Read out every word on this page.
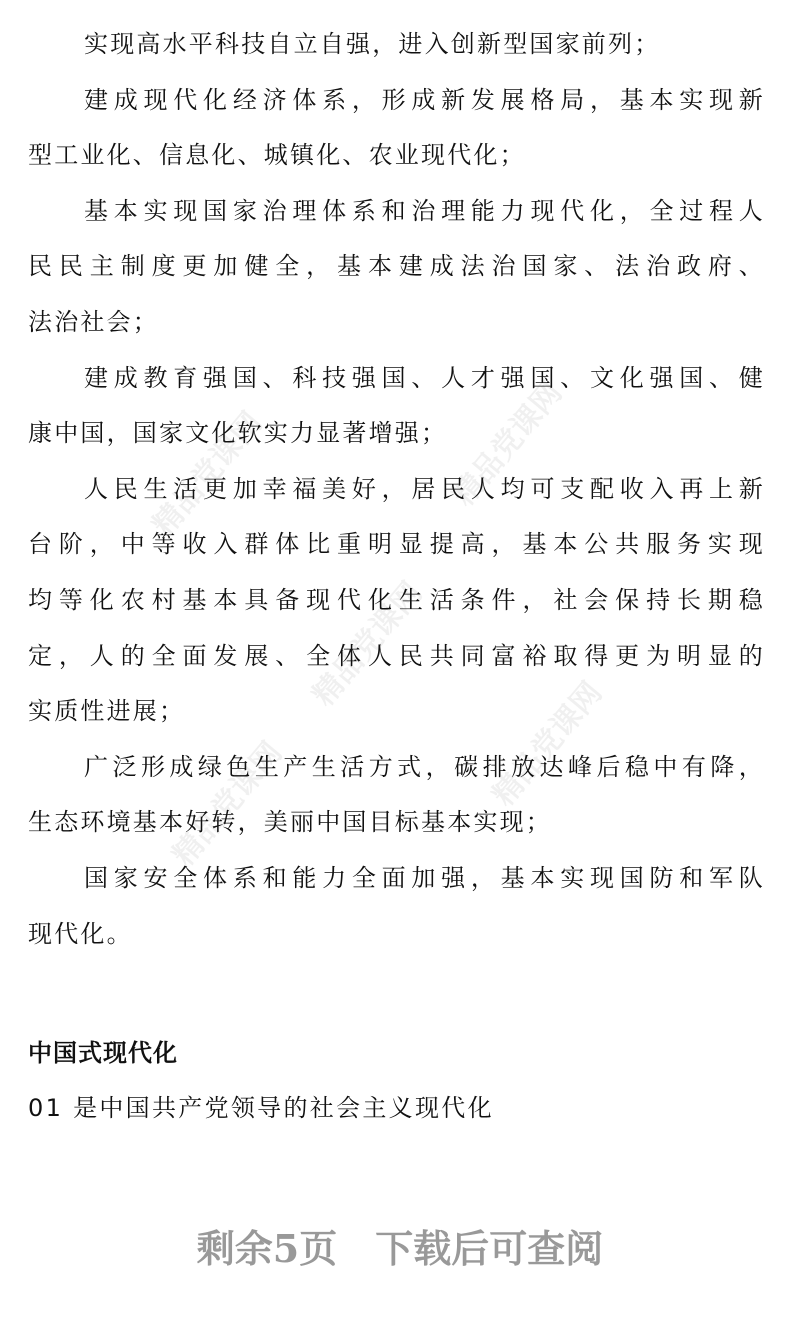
精品党课网	精品党课网
精品党课网
精品党课网	精品党课网
实现高水平科技自立自强，进入创新型国家前列；
建成现代化经济体系，形成新发展格局，基本实现新
型工业化、信息化、城镇化、农业现代化；
基本实现国家治理体系和治理能力现代化，全过程人
民民主制度更加健全，基本建成法治国家、法治政府、
法治社会；
建成教育强国、科技强国、人才强国、文化强国、健
康中国，国家文化软实力显著增强；
人民生活更加幸福美好，居民人均可支配收入再上新
台阶，中等收入群体比重明显提高，基本公共服务实现
均等化农村基本具备现代化生活条件，社会保持长期稳
定，人的全面发展、全体人民共同富裕取得更为明显的
实质性进展；
广泛形成绿色生产生活方式，碳排放达峰后稳中有降，
生态环境基本好转，美丽中国目标基本实现；
国家安全体系和能力全面加强，基本实现国防和军队
现代化。
中国式现代化
01 是中国共产党领导的社会主义现代化
剩余5页　下载后可查阅
